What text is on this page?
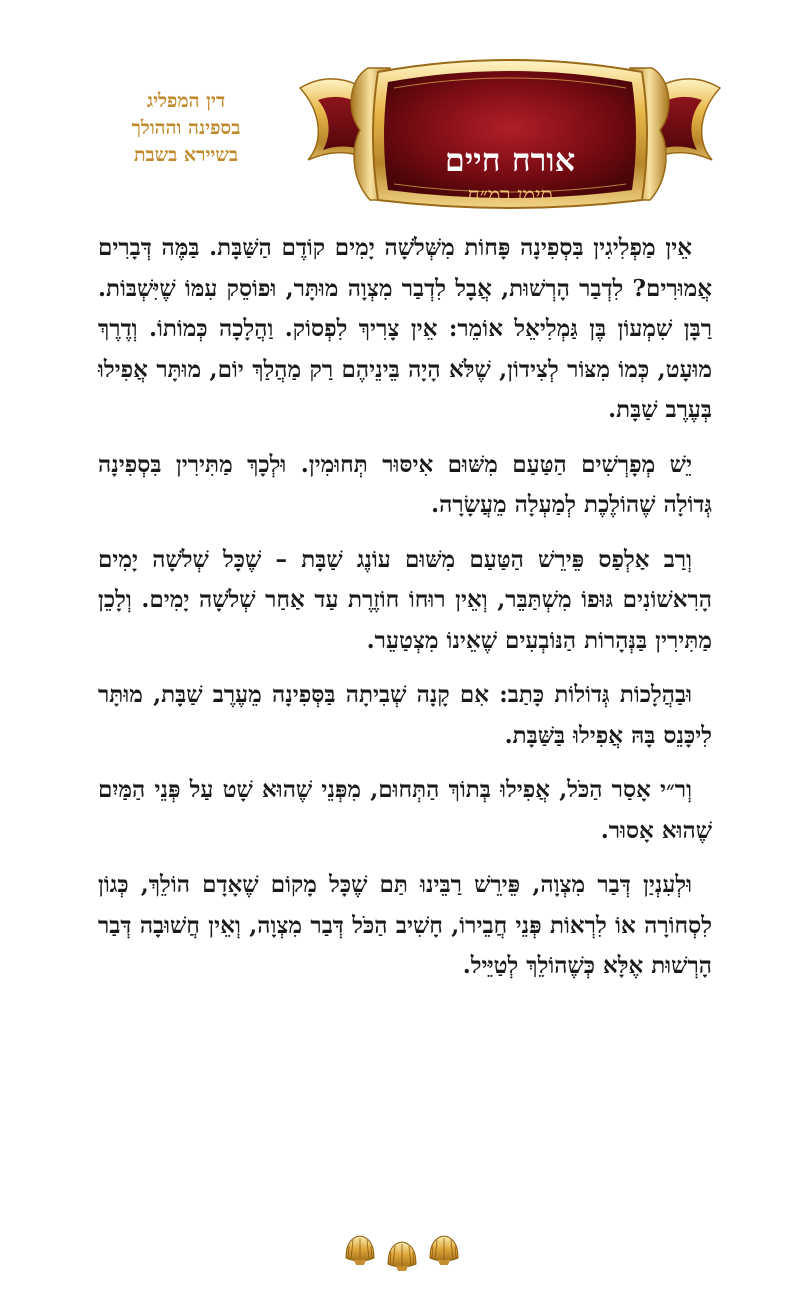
דין המפליג
בספינה וההולך
בשיירא בשבת	אורח חיים
סימן רמ״ח

אֵין מַפְלִיגִין בִּסְפִינָה פָּחוֹת מִשְּׁלֹשָׁה יָמִים קוֹדֶם הַשַּׁבָּת. בַּמֶּה דְּבָרִים אֲמוּרִים? לִדְבַר הָרְשׁוּת, אֲבָל לִדְבַר מִצְוָה מוּתָּר, וּפוֹסֵק עִמּוֹ שֶׁיִּשְׁבּוֹת. רַבָּן שִׁמְעוֹן בֶּן גַּמְלִיאֵל אוֹמֵר: אֵין צָרִיךְ לִפְסוֹק. וַהֲלָכָה כְּמוֹתוֹ. וְדֶרֶךְ מוּעָט, כְּמוֹ מִצּוֹר לְצִידוֹן, שֶׁלֹּא הָיָה בֵּינֵיהֶם רַק מַהֲלַךְ יוֹם, מוּתָּר אֲפִילוּ בְּעֶרֶב שַׁבָּת.

יֵשׁ מְפָרְשִׁים הַטַּעַם מִשּׁוּם אִיסּוּר תְּחוּמִין. וּלְכָךְ מַתִּירִין בִּסְפִינָה גְּדוֹלָה שֶׁהוֹלֶכֶת לְמַעְלָה מֵעֲשָׂרָה.

וְרַב אַלְפַס פֵּירֵשׁ הַטַּעַם מִשּׁוּם עוֹנֶג שַׁבָּת – שֶׁכָּל שְׁלֹשָׁה יָמִים הָרִאשׁוֹנִים גּוּפוֹ מִשְׁתַּבֵּר, וְאֵין רוּחוֹ חוֹזֶרֶת עַד אַחַר שְׁלֹשָׁה יָמִים. וְלָכֵן מַתִּירִין בַּנְּהָרוֹת הַנּוֹבְעִים שֶׁאֵינוֹ מִצְטַעֵר.

וּבַהֲלָכוֹת גְּדוֹלוֹת כָּתַב: אִם קָנָה שְׁבִיתָה בַּסְּפִינָה מֵעֶרֶב שַׁבָּת, מוּתָּר לִיכָּנֵס בָּהּ אֲפִילוּ בַּשַּׁבָּת.

וְר״י אָסַר הַכֹּל, אֲפִילוּ בְּתוֹךְ הַתְּחוּם, מִפְּנֵי שֶׁהוּא שָׁט עַל פְּנֵי הַמַּיִם שֶׁהוּא אָסוּר.

וּלְעִנְיַן דְּבַר מִצְוָה, פֵּירֵשׁ רַבֵּינוּ תַּם שֶׁכָּל מָקוֹם שֶׁאָדָם הוֹלֵךְ, כְּגוֹן לִסְחוֹרָה אוֹ לִרְאוֹת פְּנֵי חֲבֵירוֹ, חָשִׁיב הַכֹּל דְּבַר מִצְוָה, וְאֵין חֲשׁוּבָה דְּבַר הָרְשׁוּת אֶלָּא כְּשֶׁהוֹלֵךְ לְטַיֵּיל.
